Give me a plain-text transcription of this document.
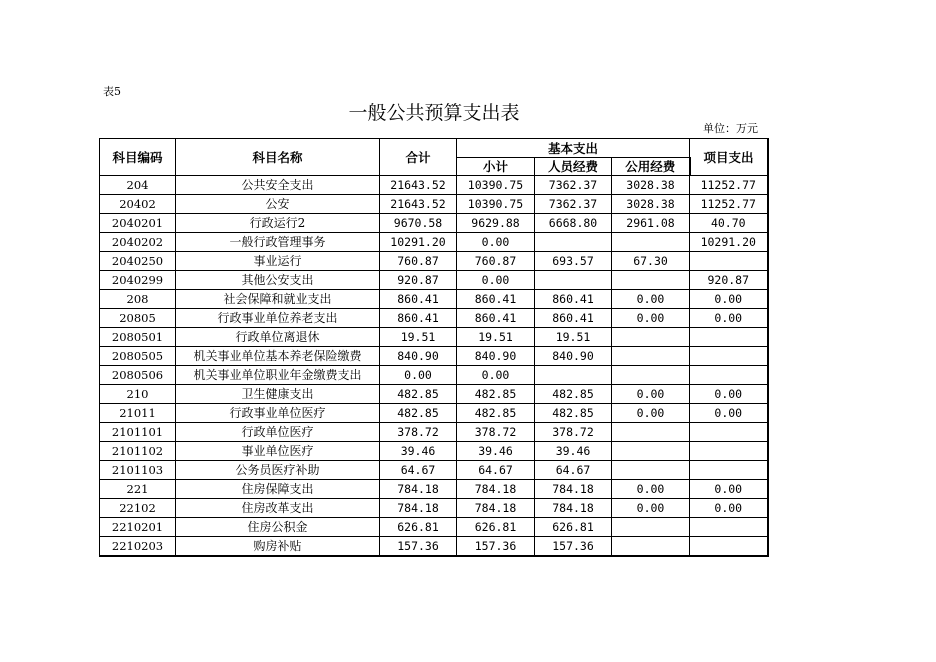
表5
一般公共预算支出表
单位：万元
科目编码	科目名称	合计	基本支出			项目支出
			小计	人员经费	公用经费	
204	公共安全支出	21643.52	10390.75	7362.37	3028.38	11252.77
20402	公安	21643.52	10390.75	7362.37	3028.38	11252.77
2040201	行政运行2	9670.58	9629.88	6668.80	2961.08	40.70
2040202	一般行政管理事务	10291.20	0.00			10291.20
2040250	事业运行	760.87	760.87	693.57	67.30	
2040299	其他公安支出	920.87	0.00			920.87
208	社会保障和就业支出	860.41	860.41	860.41	0.00	0.00
20805	行政事业单位养老支出	860.41	860.41	860.41	0.00	0.00
2080501	行政单位离退休	19.51	19.51	19.51		
2080505	机关事业单位基本养老保险缴费	840.90	840.90	840.90		
2080506	机关事业单位职业年金缴费支出	0.00	0.00			
210	卫生健康支出	482.85	482.85	482.85	0.00	0.00
21011	行政事业单位医疗	482.85	482.85	482.85	0.00	0.00
2101101	行政单位医疗	378.72	378.72	378.72		
2101102	事业单位医疗	39.46	39.46	39.46		
2101103	公务员医疗补助	64.67	64.67	64.67		
221	住房保障支出	784.18	784.18	784.18	0.00	0.00
22102	住房改革支出	784.18	784.18	784.18	0.00	0.00
2210201	住房公积金	626.81	626.81	626.81		
2210203	购房补贴	157.36	157.36	157.36		
